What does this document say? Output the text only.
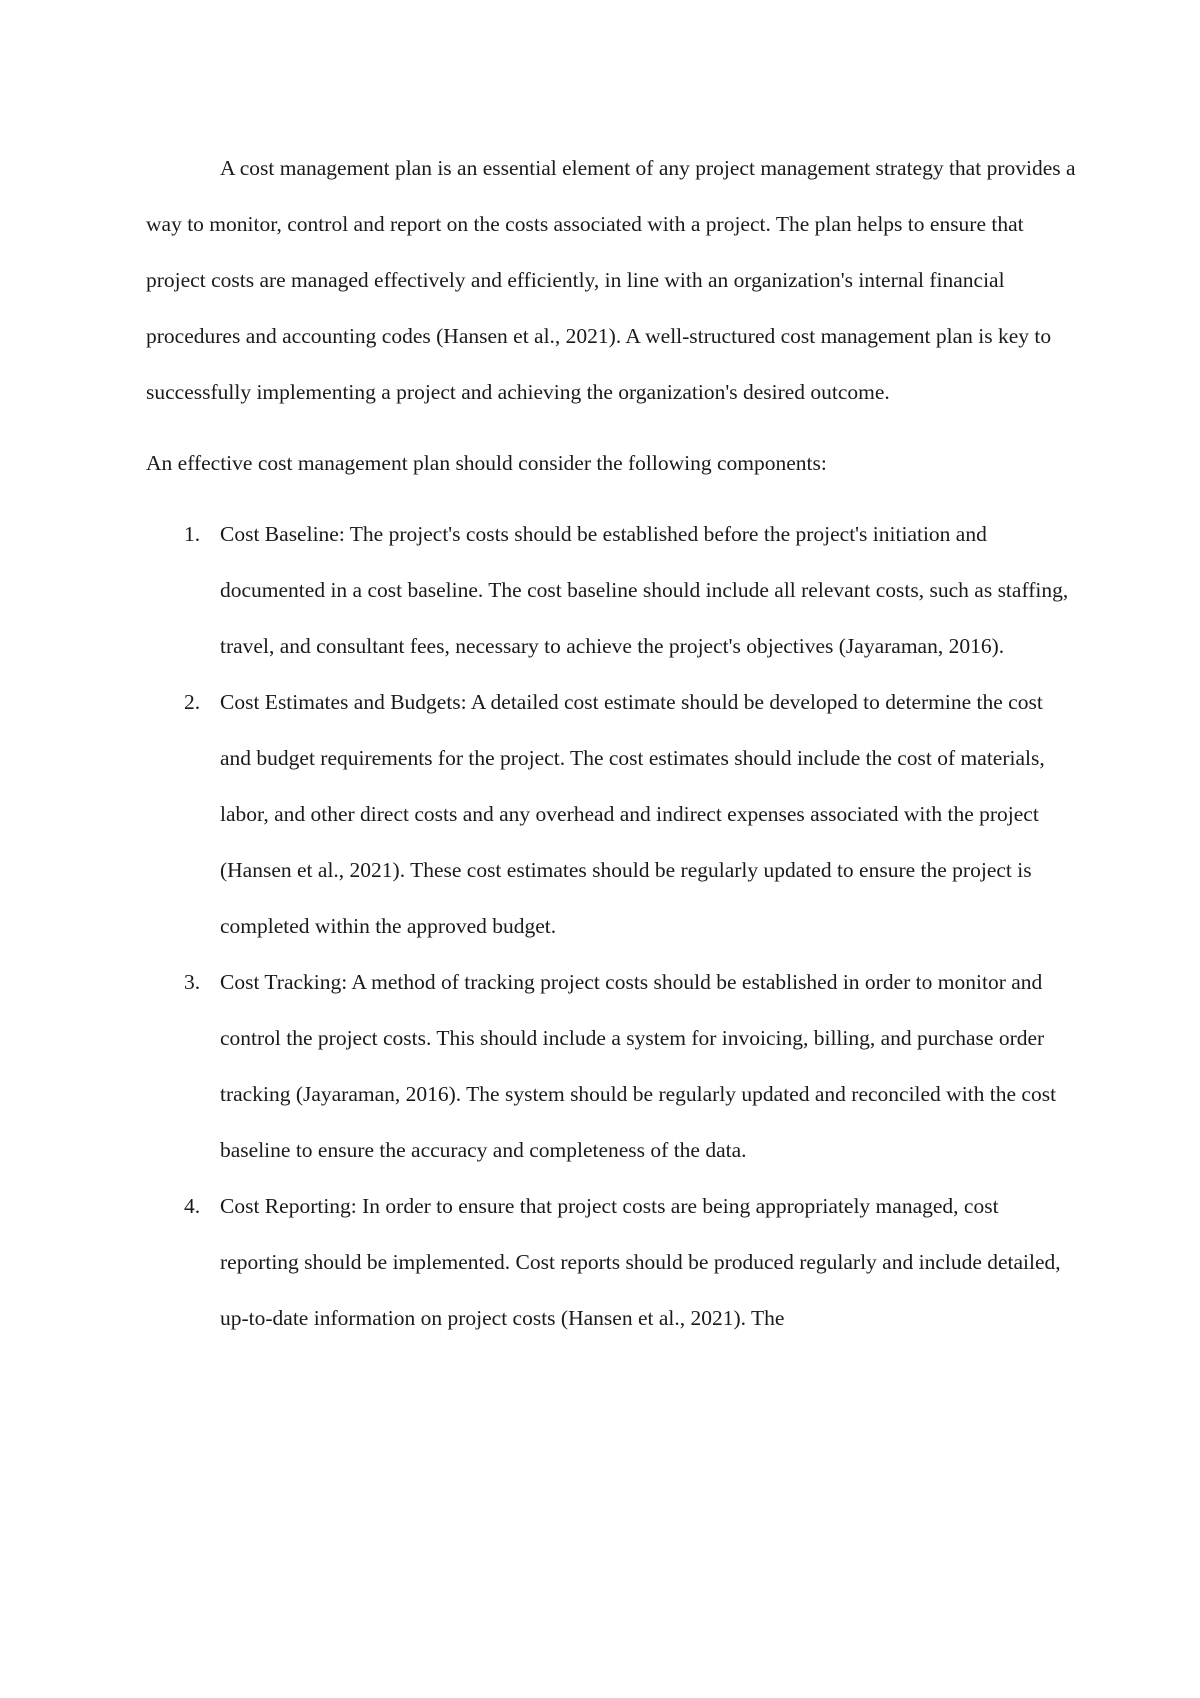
A cost management plan is an essential element of any project management strategy that provides a way to monitor, control and report on the costs associated with a project. The plan helps to ensure that project costs are managed effectively and efficiently, in line with an organization's internal financial procedures and accounting codes (Hansen et al., 2021). A well-structured cost management plan is key to successfully implementing a project and achieving the organization's desired outcome.

An effective cost management plan should consider the following components:

1. Cost Baseline: The project's costs should be established before the project's initiation and documented in a cost baseline. The cost baseline should include all relevant costs, such as staffing, travel, and consultant fees, necessary to achieve the project's objectives (Jayaraman, 2016).
2. Cost Estimates and Budgets: A detailed cost estimate should be developed to determine the cost and budget requirements for the project. The cost estimates should include the cost of materials, labor, and other direct costs and any overhead and indirect expenses associated with the project (Hansen et al., 2021). These cost estimates should be regularly updated to ensure the project is completed within the approved budget.
3. Cost Tracking: A method of tracking project costs should be established in order to monitor and control the project costs. This should include a system for invoicing, billing, and purchase order tracking (Jayaraman, 2016). The system should be regularly updated and reconciled with the cost baseline to ensure the accuracy and completeness of the data.
4. Cost Reporting: In order to ensure that project costs are being appropriately managed, cost reporting should be implemented. Cost reports should be produced regularly and include detailed, up-to-date information on project costs (Hansen et al., 2021). The
